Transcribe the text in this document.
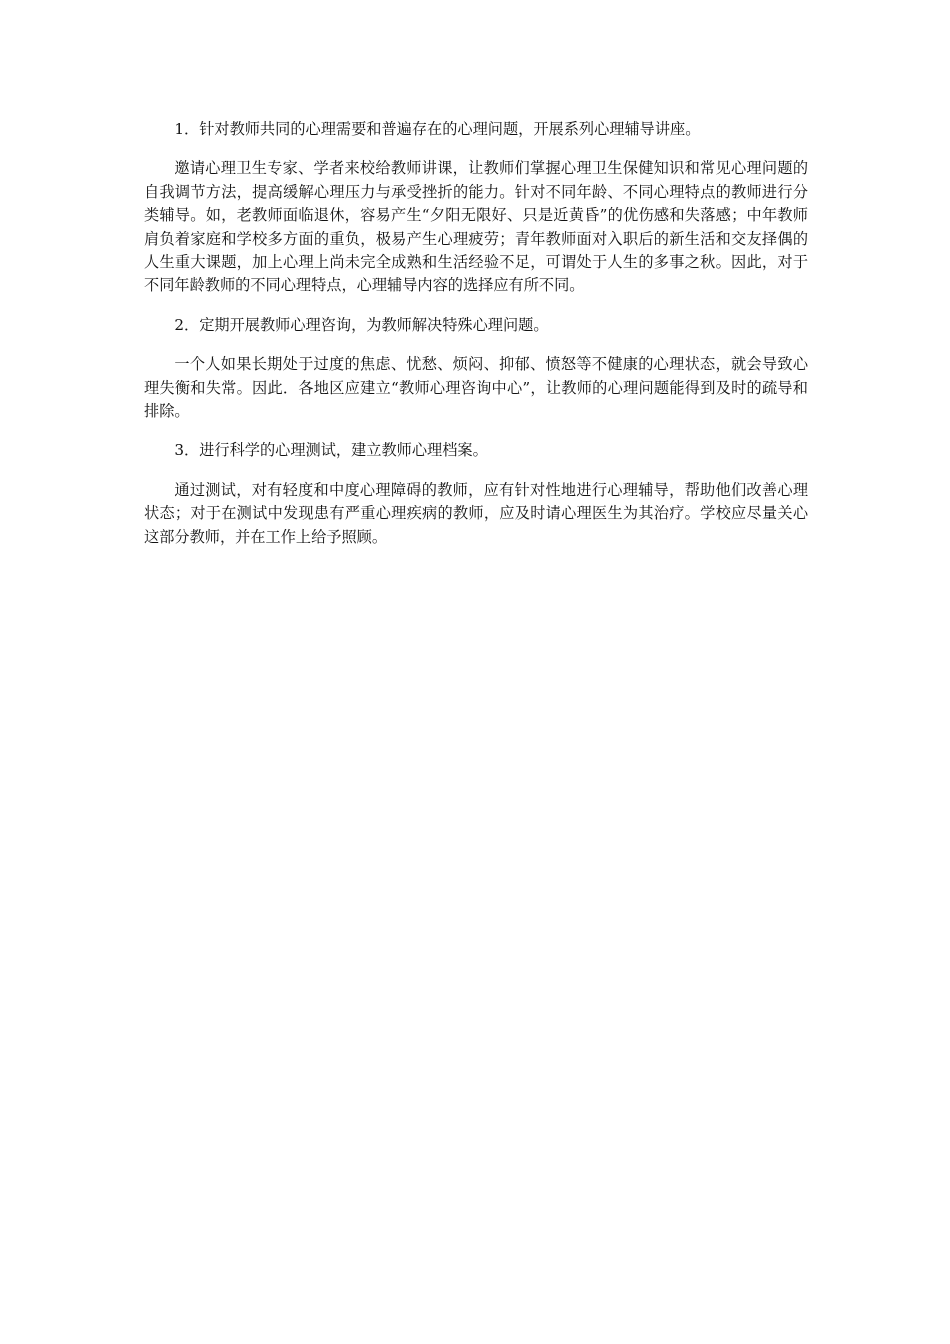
1．针对教师共同的心理需要和普遍存在的心理问题，开展系列心理辅导讲座。

邀请心理卫生专家、学者来校给教师讲课，让教师们掌握心理卫生保健知识和常见心理问题的自我调节方法，提高缓解心理压力与承受挫折的能力。针对不同年龄、不同心理特点的教师进行分类辅导。如，老教师面临退休，容易产生“夕阳无限好、只是近黄昏”的优伤感和失落感；中年教师肩负着家庭和学校多方面的重负，极易产生心理疲劳；青年教师面对入职后的新生活和交友择偶的人生重大课题，加上心理上尚未完全成熟和生活经验不足，可谓处于人生的多事之秋。因此，对于不同年龄教师的不同心理特点，心理辅导内容的选择应有所不同。

2．定期开展教师心理咨询，为教师解决特殊心理问题。

一个人如果长期处于过度的焦虑、忧愁、烦闷、抑郁、愤怒等不健康的心理状态，就会导致心理失衡和失常。因此．各地区应建立“教师心理咨询中心”，让教师的心理问题能得到及时的疏导和排除。

3．进行科学的心理测试，建立教师心理档案。

通过测试，对有轻度和中度心理障碍的教师，应有针对性地进行心理辅导，帮助他们改善心理状态；对于在测试中发现患有严重心理疾病的教师，应及时请心理医生为其治疗。学校应尽量关心这部分教师，并在工作上给予照顾。
